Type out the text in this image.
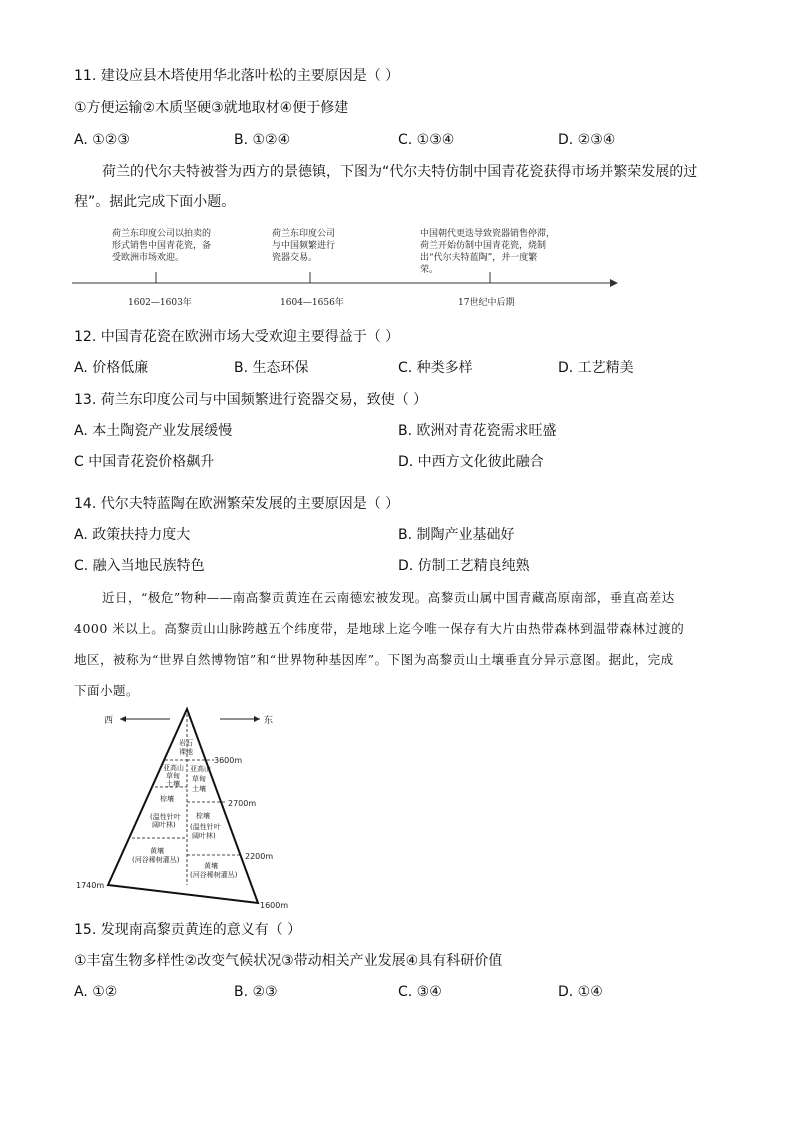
11. 建设应县木塔使用华北落叶松的主要原因是（ ）
①方便运输②木质坚硬③就地取材④便于修建
A. ①②③	B. ①②④	C. ①③④	D. ②③④
荷兰的代尔夫特被誉为西方的景德镇，下图为“代尔夫特仿制中国青花瓷获得市场并繁荣发展的过
程”。据此完成下面小题。
荷兰东印度公司以拍卖的
形式销售中国青花瓷，备
受欧洲市场欢迎。
荷兰东印度公司
与中国频繁进行
瓷器交易。
中国朝代更迭导致瓷器销售停滞，
荷兰开始仿制中国青花瓷，烧制
出“代尔夫特蓝陶”，并一度繁
荣。
1602—1603年	1604—1656年	17世纪中后期
12. 中国青花瓷在欧洲市场大受欢迎主要得益于（ ）
A. 价格低廉	B. 生态环保	C. 种类多样	D. 工艺精美
13. 荷兰东印度公司与中国频繁进行瓷器交易，致使（ ）
A. 本土陶瓷产业发展缓慢	B. 欧洲对青花瓷需求旺盛
C 中国青花瓷价格飙升	D. 中西方文化彼此融合
14. 代尔夫特蓝陶在欧洲繁荣发展的主要原因是（ ）
A. 政策扶持力度大	B. 制陶产业基础好
C. 融入当地民族特色	D. 仿制工艺精良纯熟
近日，“极危”物种——南高黎贡黄连在云南德宏被发现。高黎贡山属中国青藏高原南部，垂直高差达
4000 米以上。高黎贡山山脉跨越五个纬度带，是地球上迄今唯一保存有大片由热带森林到温带森林过渡的
地区，被称为“世界自然博物馆”和“世界物种基因库”。下图为高黎贡山土壤垂直分异示意图。据此，完成
下面小题。
西	东
岩石
裸地
亚高山
草甸
土壤
棕壤
(温性针叶
阔叶林)
黄壤
(河谷稀树灌丛)
亚高山
草甸
土壤
棕壤
(温性针叶
阔叶林)
黄壤
(河谷稀树灌丛)
3600m
2700m
2200m
1600m
1740m
15. 发现南高黎贡黄连的意义有（ ）
①丰富生物多样性②改变气候状况③带动相关产业发展④具有科研价值
A. ①②	B. ②③	C. ③④	D. ①④
